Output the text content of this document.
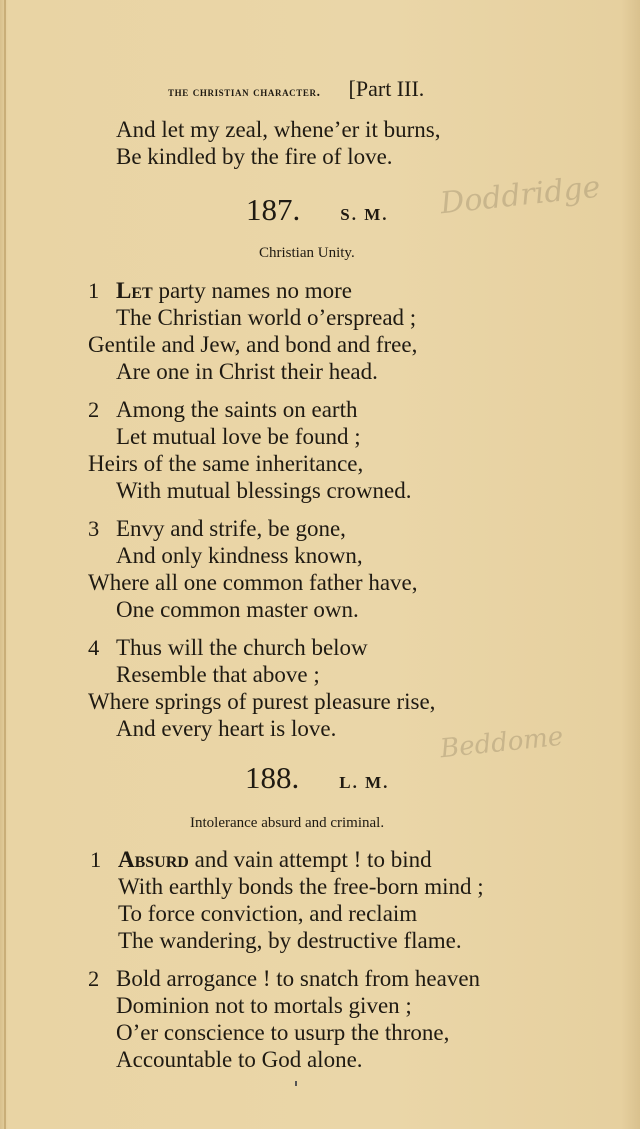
the christian character. [Part III.
And let my zeal, whene’er it burns,
Be kindled by the fire of love.
187. S. M. Doddridge
Christian Unity.
1 Let party names no more
The Christian world o’erspread ;
Gentile and Jew, and bond and free,
Are one in Christ their head.
2 Among the saints on earth
Let mutual love be found ;
Heirs of the same inheritance,
With mutual blessings crowned.
3 Envy and strife, be gone,
And only kindness known,
Where all one common father have,
One common master own.
4 Thus will the church below
Resemble that above ;
Where springs of purest pleasure rise,
And every heart is love.
188. L. M.
Beddome
Intolerance absurd and criminal.
1 Absurd and vain attempt ! to bind
With earthly bonds the free-born mind ;
To force conviction, and reclaim
The wandering, by destructive flame.
2 Bold arrogance ! to snatch from heaven
Dominion not to mortals given ;
O’er conscience to usurp the throne,
Accountable to God alone.
